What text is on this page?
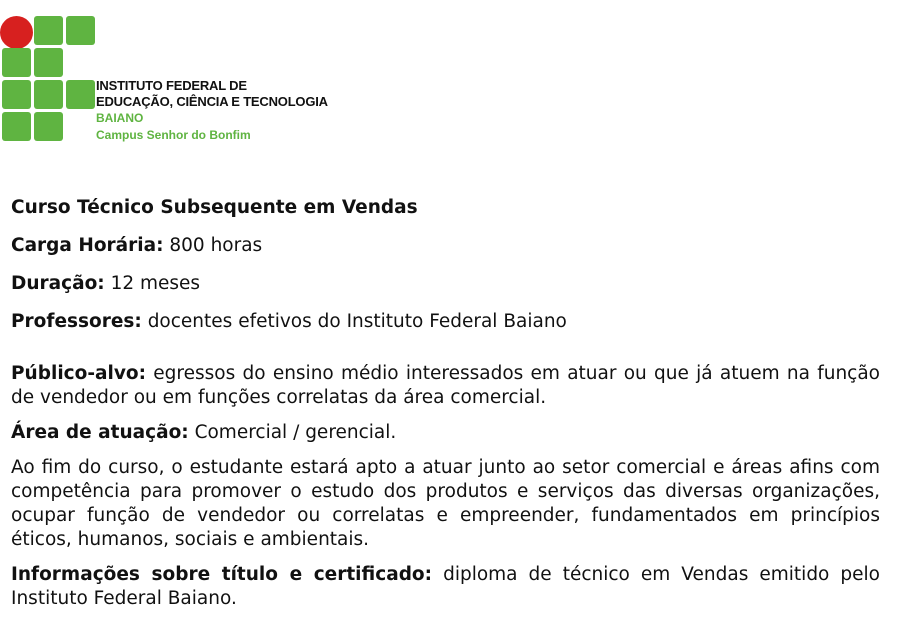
INSTITUTO FEDERAL DE
EDUCAÇÃO, CIÊNCIA E TECNOLOGIA
BAIANO
Campus Senhor do Bonfim

Curso Técnico Subsequente em Vendas

Carga Horária: 800 horas

Duração: 12 meses

Professores: docentes efetivos do Instituto Federal Baiano

Público-alvo: egressos do ensino médio interessados em atuar ou que já atuem na função de vendedor ou em funções correlatas da área comercial.

Área de atuação: Comercial / gerencial.

Ao fim do curso, o estudante estará apto a atuar junto ao setor comercial e áreas afins com competência para promover o estudo dos produtos e serviços das diversas organizações, ocupar função de vendedor ou correlatas e empreender, fundamentados em princípios éticos, humanos, sociais e ambientais.

Informações sobre título e certificado: diploma de técnico em Vendas emitido pelo Instituto Federal Baiano.
